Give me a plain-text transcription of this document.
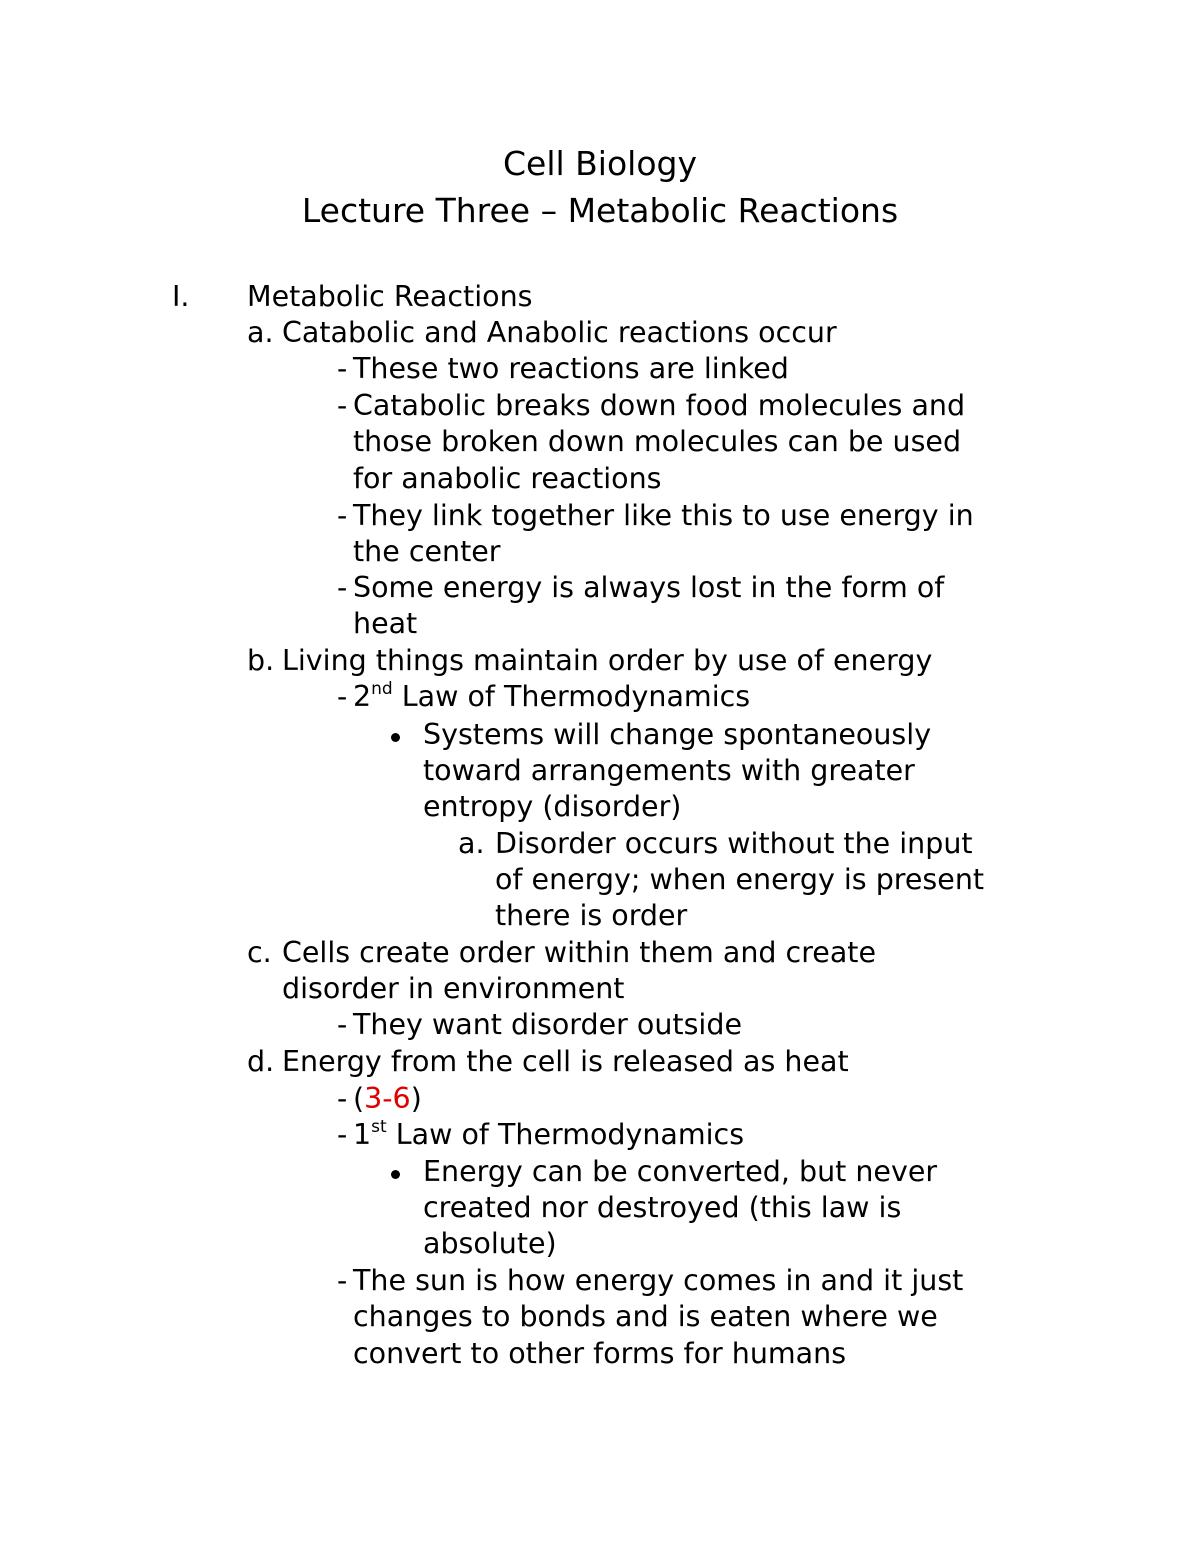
Cell Biology
Lecture Three – Metabolic Reactions
I. Metabolic Reactions
a. Catabolic and Anabolic reactions occur
- These two reactions are linked
- Catabolic breaks down food molecules and
those broken down molecules can be used
for anabolic reactions
- They link together like this to use energy in
the center
- Some energy is always lost in the form of
heat
b. Living things maintain order by use of energy
- 2nd Law of Thermodynamics
Systems will change spontaneously
toward arrangements with greater
entropy (disorder)
a. Disorder occurs without the input
of energy; when energy is present
there is order
c. Cells create order within them and create
disorder in environment
- They want disorder outside
d. Energy from the cell is released as heat
- (3-6)
- 1st Law of Thermodynamics
Energy can be converted, but never
created nor destroyed (this law is
absolute)
- The sun is how energy comes in and it just
changes to bonds and is eaten where we
convert to other forms for humans
